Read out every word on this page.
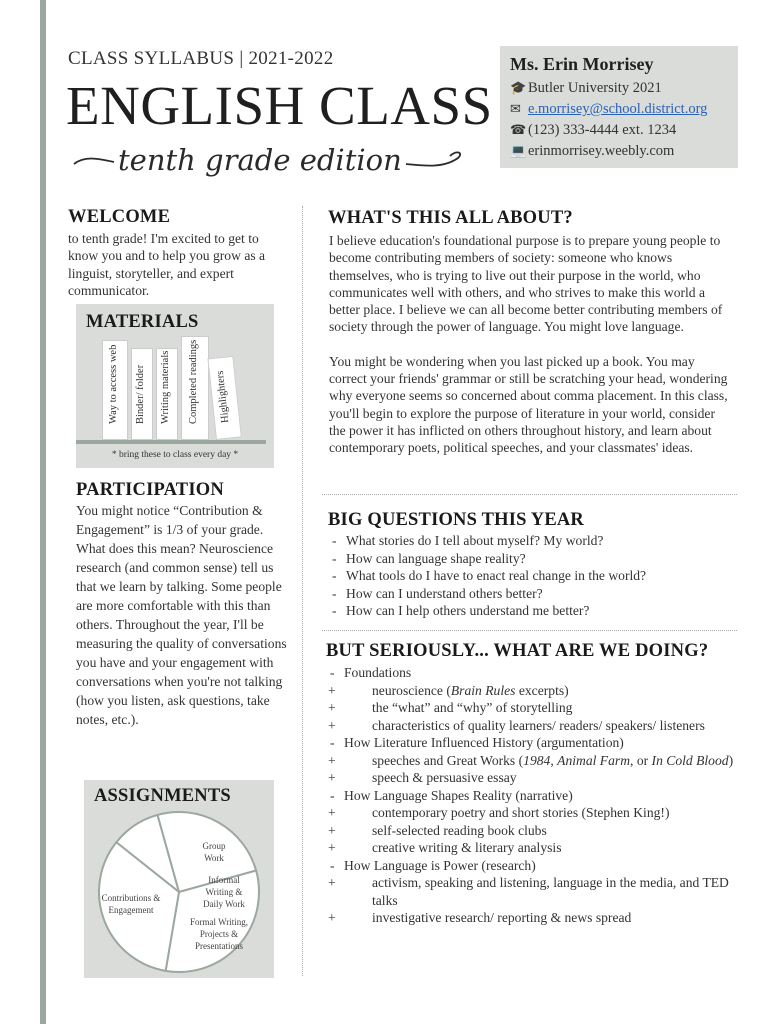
CLASS SYLLABUS | 2021-2022
ENGLISH CLASS
tenth grade edition
Ms. Erin Morrisey
🎓 Butler University 2021
✉ e.morrisey@school.district.org
☎ (123) 333-4444 ext. 1234
💻 erinmorrisey.weebly.com
WELCOME
to tenth grade! I'm excited to get to know you and to help you grow as a linguist, storyteller, and expert communicator.
MATERIALS
Way to access web Binder/ folder Writing materials Completed readings Highlighters
* bring these to class every day *
PARTICIPATION
You might notice “Contribution & Engagement” is 1/3 of your grade. What does this mean? Neuroscience research (and common sense) tell us that we learn by talking. Some people are more comfortable with this than others. Throughout the year, I'll be measuring the quality of conversations you have and your engagement with conversations when you're not talking (how you listen, ask questions, take notes, etc.).
ASSIGNMENTS
Group Work
Informal Writing & Daily Work
Formal Writing, Projects & Presentations
Contributions & Engagement
WHAT'S THIS ALL ABOUT?
I believe education's foundational purpose is to prepare young people to become contributing members of society: someone who knows themselves, who is trying to live out their purpose in the world, who communicates well with others, and who strives to make this world a better place. I believe we can all become better contributing members of society through the power of language. You might love language.
You might be wondering when you last picked up a book. You may correct your friends' grammar or still be scratching your head, wondering why everyone seems so concerned about comma placement. In this class, you'll begin to explore the purpose of literature in your world, consider the power it has inflicted on others throughout history, and learn about contemporary poets, political speeches, and your classmates' ideas.
BIG QUESTIONS THIS YEAR
- What stories do I tell about myself? My world?
- How can language shape reality?
- What tools do I have to enact real change in the world?
- How can I understand others better?
- How can I help others understand me better?
BUT SERIOUSLY... WHAT ARE WE DOING?
- Foundations
+	neuroscience (Brain Rules excerpts)
+	the “what” and “why” of storytelling
+	characteristics of quality learners/ readers/ speakers/ listeners
- How Literature Influenced History (argumentation)
+	speeches and Great Works (1984, Animal Farm, or In Cold Blood)
+	speech & persuasive essay
- How Language Shapes Reality (narrative)
+	contemporary poetry and short stories (Stephen King!)
+	self-selected reading book clubs
+	creative writing & literary analysis
- How Language is Power (research)
+	activism, speaking and listening, language in the media, and TED talks
+	investigative research/ reporting & news spread
